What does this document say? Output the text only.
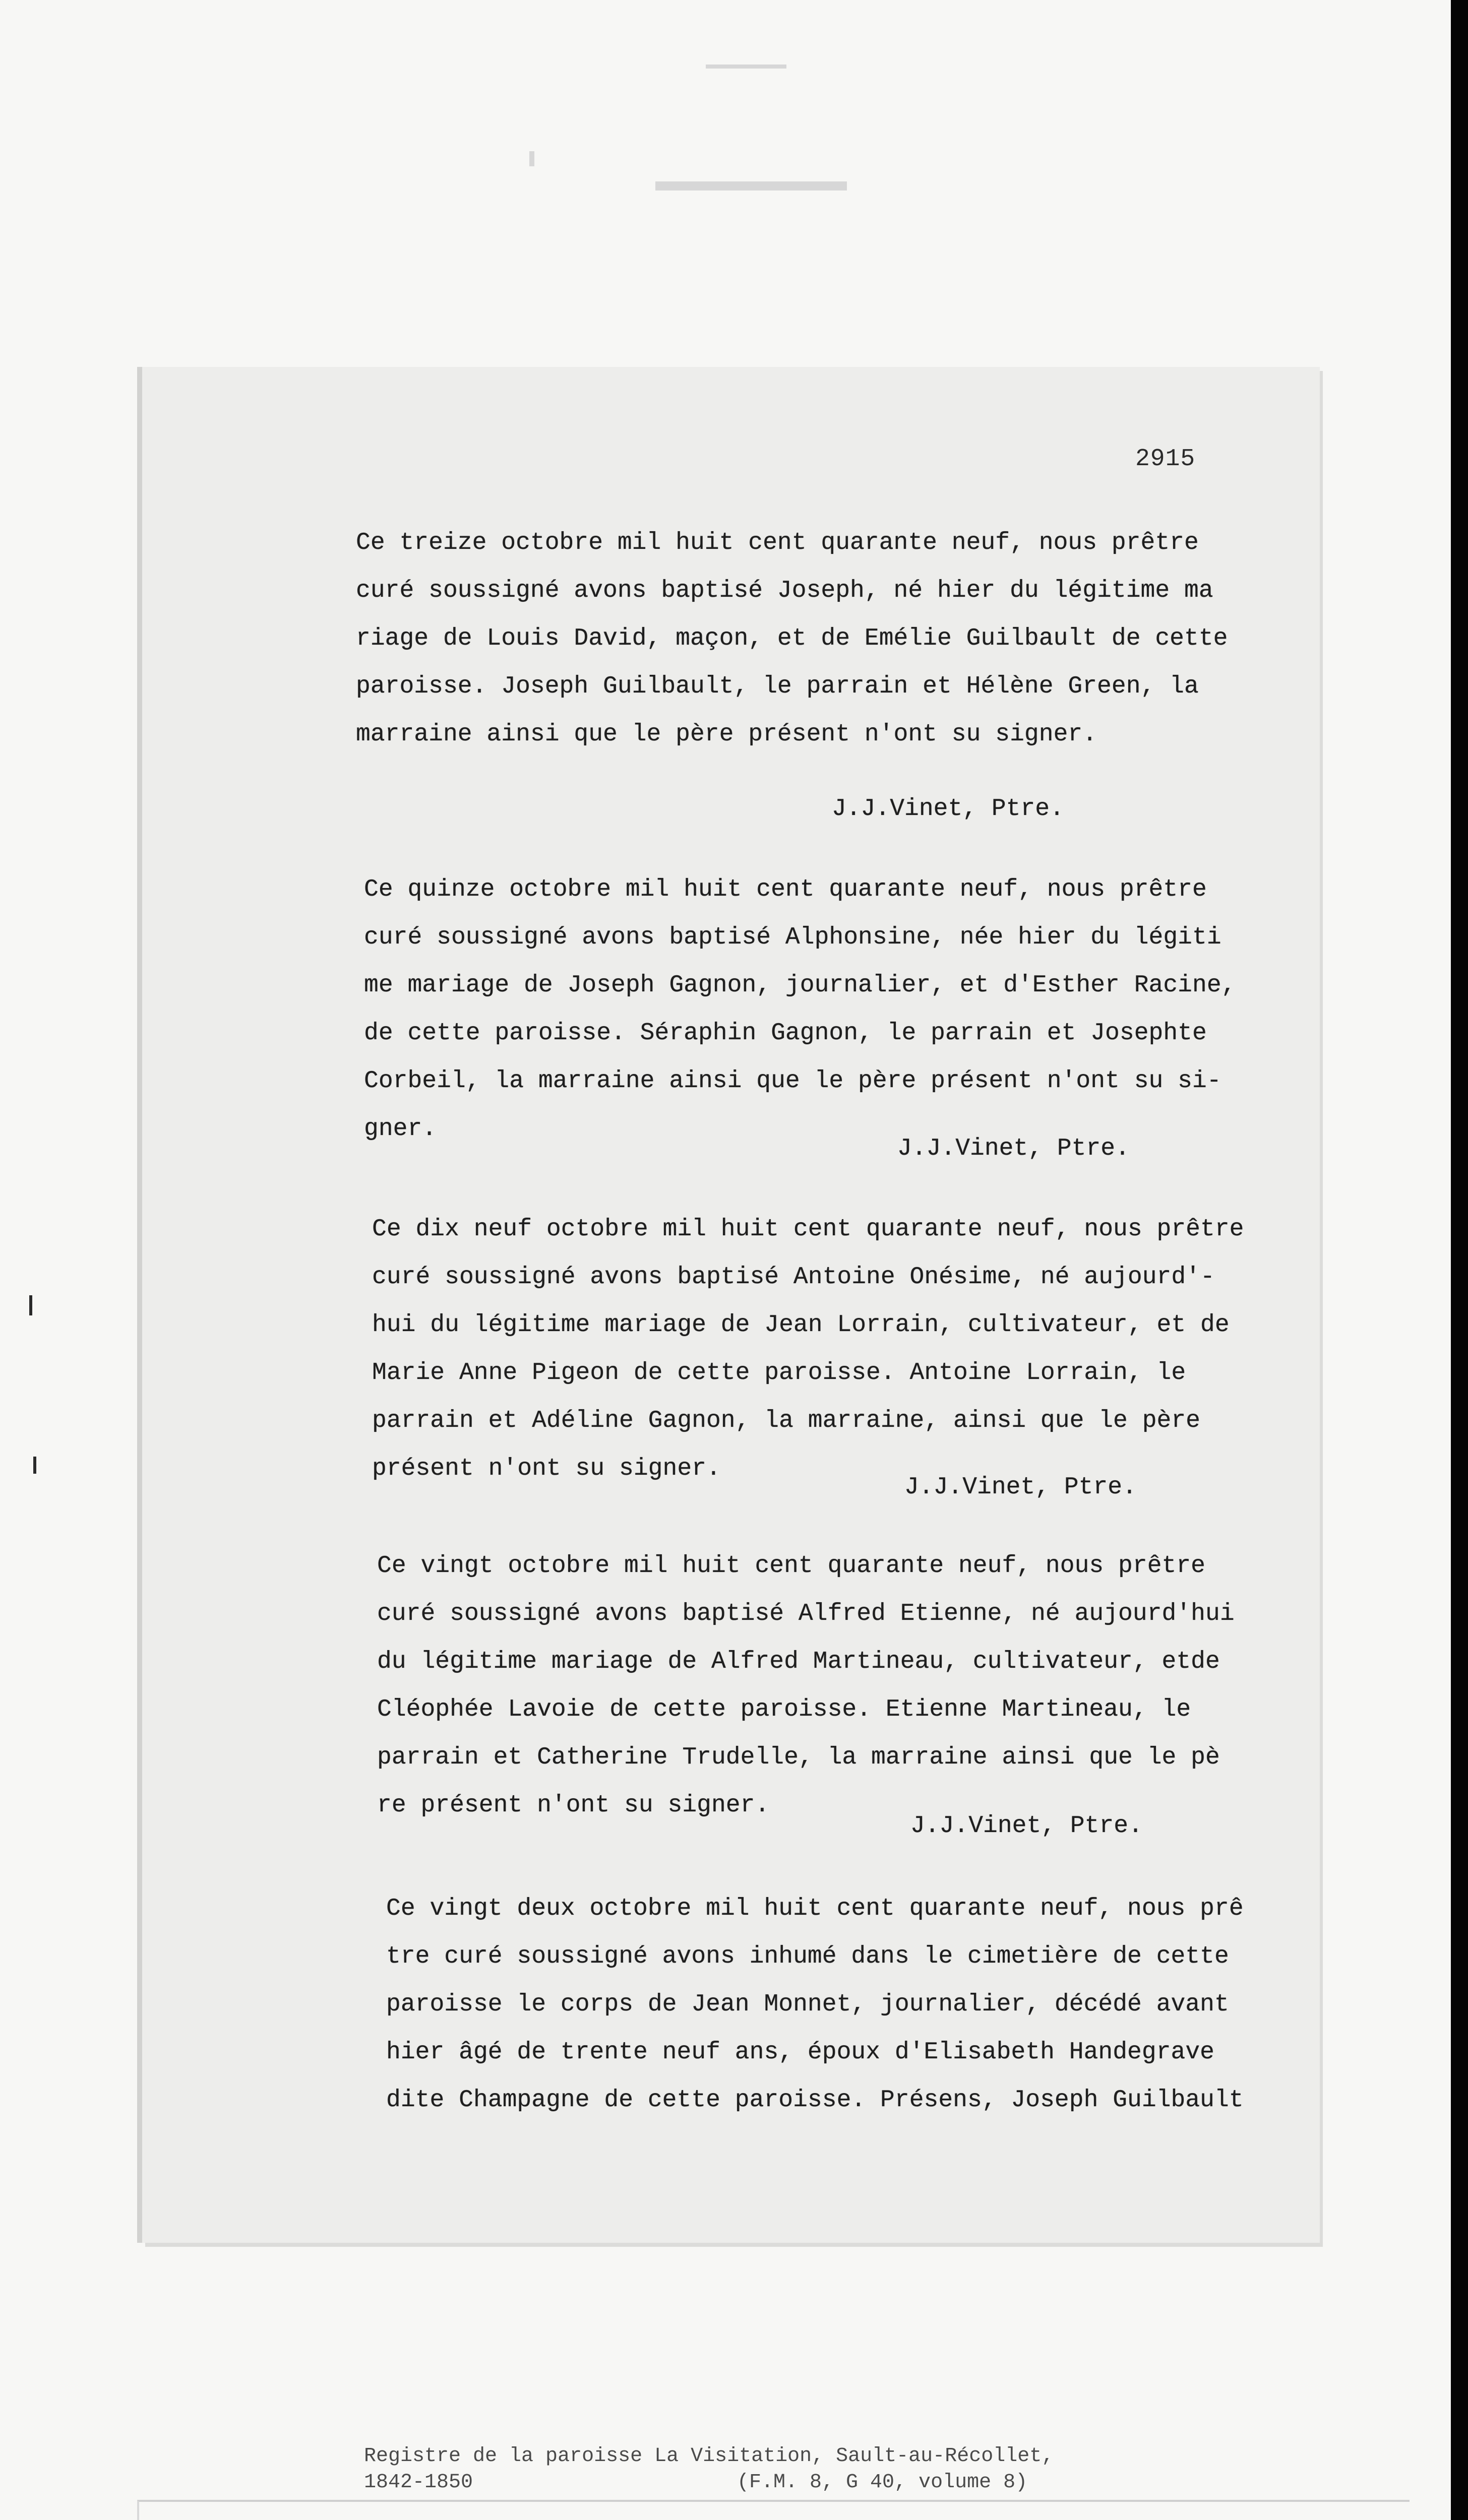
2915
Ce treize octobre mil huit cent quarante neuf, nous prêtre
curé soussigné avons baptisé Joseph, né hier du légitime ma
riage de Louis David, maçon, et de Emélie Guilbault de cette
paroisse. Joseph Guilbault, le parrain et Hélène Green, la
marraine ainsi que le père présent n'ont su signer.
J.J.Vinet, Ptre.
Ce quinze octobre mil huit cent quarante neuf, nous prêtre
curé soussigné avons baptisé Alphonsine, née hier du légiti
me mariage de Joseph Gagnon, journalier, et d'Esther Racine,
de cette paroisse. Séraphin Gagnon, le parrain et Josephte
Corbeil, la marraine ainsi que le père présent n'ont su si-
gner.
J.J.Vinet, Ptre.
Ce dix neuf octobre mil huit cent quarante neuf, nous prêtre
curé soussigné avons baptisé Antoine Onésime, né aujourd'-
hui du légitime mariage de Jean Lorrain, cultivateur, et de
Marie Anne Pigeon de cette paroisse. Antoine Lorrain, le
parrain et Adéline Gagnon, la marraine, ainsi que le père
présent n'ont su signer.
J.J.Vinet, Ptre.
Ce vingt octobre mil huit cent quarante neuf, nous prêtre
curé soussigné avons baptisé Alfred Etienne, né aujourd'hui
du légitime mariage de Alfred Martineau, cultivateur, etde
Cléophée Lavoie de cette paroisse. Etienne Martineau, le
parrain et Catherine Trudelle, la marraine ainsi que le pè
re présent n'ont su signer.
J.J.Vinet, Ptre.
Ce vingt deux octobre mil huit cent quarante neuf, nous prê
tre curé soussigné avons inhumé dans le cimetière de cette
paroisse le corps de Jean Monnet, journalier, décédé avant
hier âgé de trente neuf ans, époux d'Elisabeth Handegrave
dite Champagne de cette paroisse. Présens, Joseph Guilbault
Registre de la paroisse La Visitation, Sault-au-Récollet,
1842-1850	(F.M. 8, G 40, volume 8)
